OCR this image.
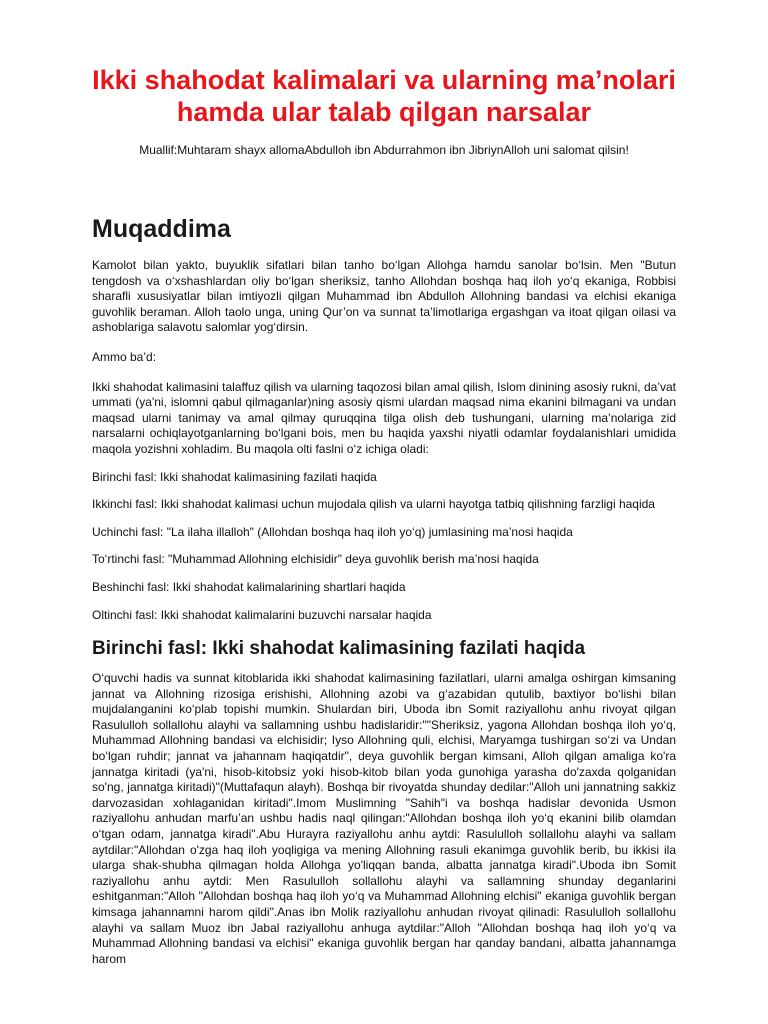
Ikki shahodat kalimalari va ularning ma’nolari
hamda ular talab qilgan narsalar

Muallif:Muhtaram shayx allomaAbdulloh ibn Abdurrahmon ibn JibriynAlloh uni salomat qilsin!

Muqaddima

Kamolot bilan yakto, buyuklik sifatlari bilan tanho bo‘lgan Allohga hamdu sanolar bo‘lsin. Men "Butun tengdosh va o‘xshashlardan oliy bo‘lgan sheriksiz, tanho Allohdan boshqa haq iloh yo‘q ekaniga, Robbisi sharafli xususiyatlar bilan imtiyozli qilgan Muhammad ibn Abdulloh Allohning bandasi va elchisi ekaniga guvohlik beraman. Alloh taolo unga, uning Qur’on va sunnat ta’limotlariga ergashgan va itoat qilgan oilasi va ashoblariga salavotu salomlar yog‘dirsin.

Ammo ba’d:

Ikki shahodat kalimasini talaffuz qilish va ularning taqozosi bilan amal qilish, Islom dinining asosiy rukni, da’vat ummati (ya'ni, islomni qabul qilmaganlar)ning asosiy qismi ulardan maqsad nima ekanini bilmagani va undan maqsad ularni tanimay va amal qilmay quruqqina tilga olish deb tushungani, ularning ma’nolariga zid narsalarni ochiqlayotganlarning bo‘lgani bois, men bu haqida yaxshi niyatli odamlar foydalanishlari umidida maqola yozishni xohladim. Bu maqola olti faslni o‘z ichiga oladi:

Birinchi fasl: Ikki shahodat kalimasining fazilati haqida

Ikkinchi fasl: Ikki shahodat kalimasi uchun mujodala qilish va ularni hayotga tatbiq qilishning farzligi haqida

Uchinchi fasl: "La ilaha illalloh" (Allohdan boshqa haq iloh yo‘q) jumlasining ma’nosi haqida

To‘rtinchi fasl: "Muhammad Allohning elchisidir" deya guvohlik berish ma’nosi haqida

Beshinchi fasl: Ikki shahodat kalimalarining shartlari haqida

Oltinchi fasl: Ikki shahodat kalimalarini buzuvchi narsalar haqida

Birinchi fasl: Ikki shahodat kalimasining fazilati haqida

O‘quvchi hadis va sunnat kitoblarida ikki shahodat kalimasining fazilatlari, ularni amalga oshirgan kimsaning jannat va Allohning rizosiga erishishi, Allohning azobi va g‘azabidan qutulib, baxtiyor bo‘lishi bilan mujdalanganini ko‘plab topishi mumkin. Shulardan biri, Uboda ibn Somit raziyallohu anhu rivoyat qilgan Rasululloh sollallohu alayhi va sallamning ushbu hadislaridir:""Sheriksiz, yagona Allohdan boshqa iloh yo‘q, Muhammad Allohning bandasi va elchisidir; Iyso Allohning quli, elchisi, Maryamga tushirgan so‘zi va Undan bo‘lgan ruhdir; jannat va jahannam haqiqatdir", deya guvohlik bergan kimsani, Alloh qilgan amaliga ko'ra jannatga kiritadi (ya'ni, hisob-kitobsiz yoki hisob-kitob bilan yoda gunohiga yarasha do'zaxda qolganidan so'ng, jannatga kiritadi)"(Muttafaqun alayh). Boshqa bir rivoyatda shunday dedilar:"Alloh uni jannatning sakkiz darvozasidan xohlaganidan kiritadi".Imom Muslimning "Sahih"i va boshqa hadislar devonida Usmon raziyallohu anhudan marfu’an ushbu hadis naql qilingan:"Allohdan boshqa iloh yo‘q ekanini bilib olamdan o‘tgan odam, jannatga kiradi".Abu Hurayra raziyallohu anhu aytdi: Rasululloh sollallohu alayhi va sallam aytdilar:"Allohdan o'zga haq iloh yoqligiga va mening Allohning rasuli ekanimga guvohlik berib, bu ikkisi ila ularga shak-shubha qilmagan holda Allohga yo'liqqan banda, albatta jannatga kiradi".Uboda ibn Somit raziyallohu anhu aytdi: Men Rasululloh sollallohu alayhi va sallamning shunday deganlarini eshitganman:"Alloh "Allohdan boshqa haq iloh yo‘q va Muhammad Allohning elchisi" ekaniga guvohlik bergan kimsaga jahannamni harom qildi".Anas ibn Molik raziyallohu anhudan rivoyat qilinadi: Rasululloh sollallohu alayhi va sallam Muoz ibn Jabal raziyallohu anhuga aytdilar:"Alloh "Allohdan boshqa haq iloh yo‘q va Muhammad Allohning bandasi va elchisi" ekaniga guvohlik bergan har qanday bandani, albatta jahannamga harom
